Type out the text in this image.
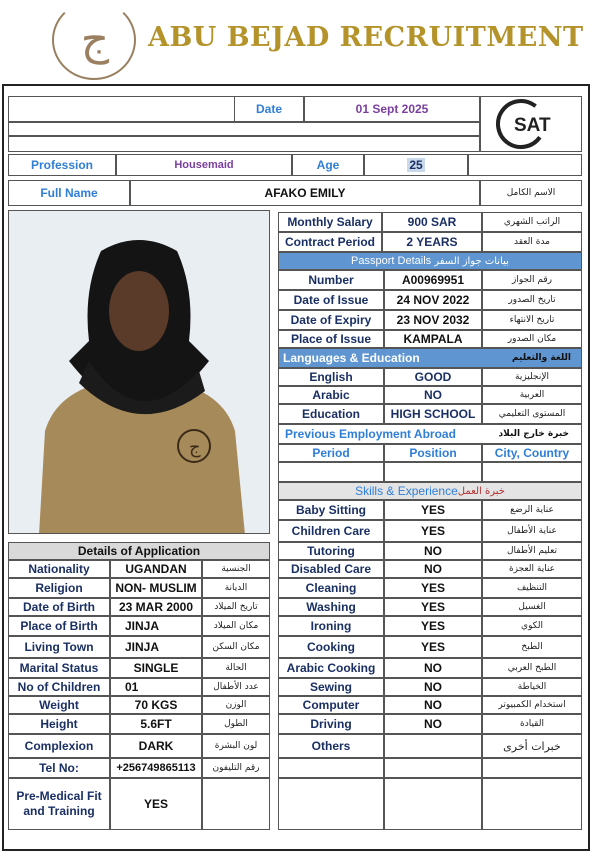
ج	ABU BEJAD RECRUITMENT
Date	01 Sept 2025
SAT
Profession	Housemaid	Age	25
Full Name	AFAKO EMILY	الاسم الكامل
ج
Monthly Salary	900 SAR	الراتب الشهري
Contract Period	2 YEARS	مدة العقد
Passport Details
بيانات جواز السفر
Number	A00969951	رقم الجواز
Date of Issue	24 NOV 2022	تاريخ الصدور
Date of Expiry	23 NOV 2032	تاريخ الانتهاء
Place of Issue	KAMPALA	مكان الصدور
Languages & Education	اللغة والتعليم
English	GOOD	الإنجليزية
Arabic	NO	العربية
Education	HIGH SCHOOL	المستوى التعليمي
Previous Employment Abroad	خبرة خارج البلاد
Period	Position	City, Country
Skills & Experience خبرة العمل
Baby Sitting	YES	عناية الرضع
Children Care	YES	عناية الأطفال
Tutoring	NO	تعليم الأطفال
Disabled Care	NO	عناية العجزة
Cleaning	YES	التنظيف
Washing	YES	الغسيل
Ironing	YES	الكوي
Cooking	YES	الطبخ
Arabic Cooking	NO	الطبخ العربي
Sewing	NO	الخياطة
Computer	NO	استخدام الكمبيوتر
Driving	NO	القيادة
Others	خبرات أخرى
Details of Application
Nationality	UGANDAN	الجنسية
Religion	NON- MUSLIM	الديانة
Date of Birth	23 MAR 2000	تاريخ الميلاد
Place of Birth	JINJA	مكان الميلاد
Living Town	JINJA	مكان السكن
Marital Status	SINGLE	الحالة
No of Children	01	عدد الأطفال
Weight	70 KGS	الوزن
Height	5.6FT	الطول
Complexion	DARK	لون البشرة
Tel No:	+256749865113	رقم التليفون
Pre-Medical Fit and Training	YES
